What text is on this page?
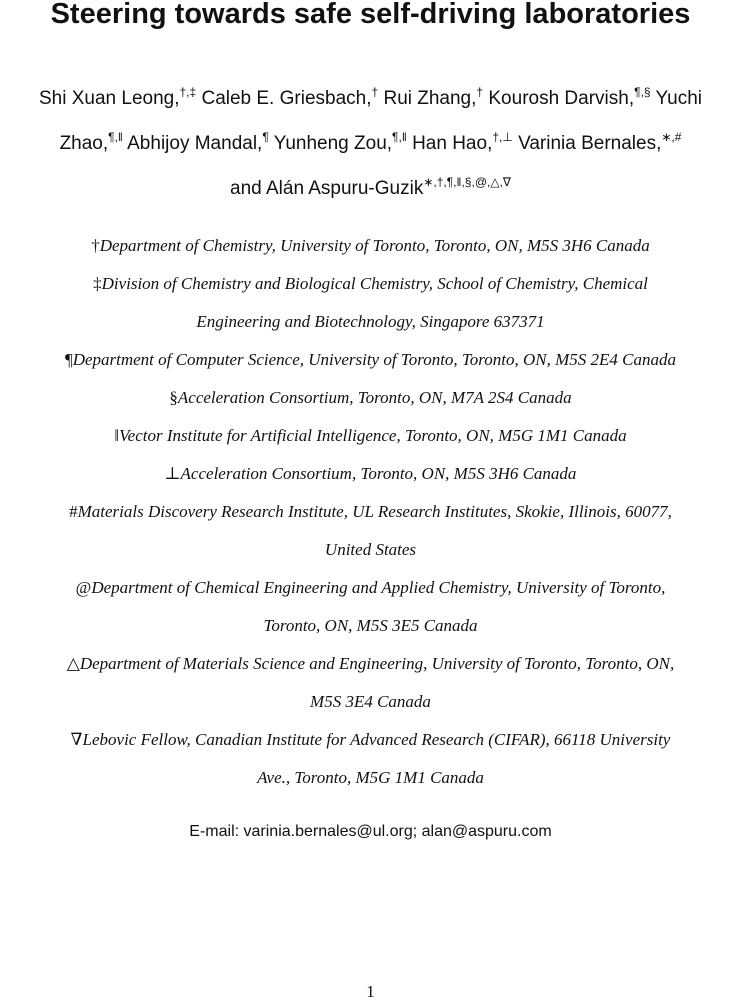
Steering towards safe self-driving laboratories
Shi Xuan Leong,†,‡ Caleb E. Griesbach,† Rui Zhang,† Kourosh Darvish,¶,§ Yuchi
Zhao,¶,‖ Abhijoy Mandal,¶ Yunheng Zou,¶,‖ Han Hao,†,⊥ Varinia Bernales,∗,#
and Alán Aspuru-Guzik∗,†,¶,‖,§,@,△,∇
†Department of Chemistry, University of Toronto, Toronto, ON, M5S 3H6 Canada
‡Division of Chemistry and Biological Chemistry, School of Chemistry, Chemical
Engineering and Biotechnology, Singapore 637371
¶Department of Computer Science, University of Toronto, Toronto, ON, M5S 2E4 Canada
§Acceleration Consortium, Toronto, ON, M7A 2S4 Canada
‖Vector Institute for Artificial Intelligence, Toronto, ON, M5G 1M1 Canada
⊥Acceleration Consortium, Toronto, ON, M5S 3H6 Canada
#Materials Discovery Research Institute, UL Research Institutes, Skokie, Illinois, 60077,
United States
@Department of Chemical Engineering and Applied Chemistry, University of Toronto,
Toronto, ON, M5S 3E5 Canada
△Department of Materials Science and Engineering, University of Toronto, Toronto, ON,
M5S 3E4 Canada
∇Lebovic Fellow, Canadian Institute for Advanced Research (CIFAR), 66118 University
Ave., Toronto, M5G 1M1 Canada
E-mail: varinia.bernales@ul.org; alan@aspuru.com
1
